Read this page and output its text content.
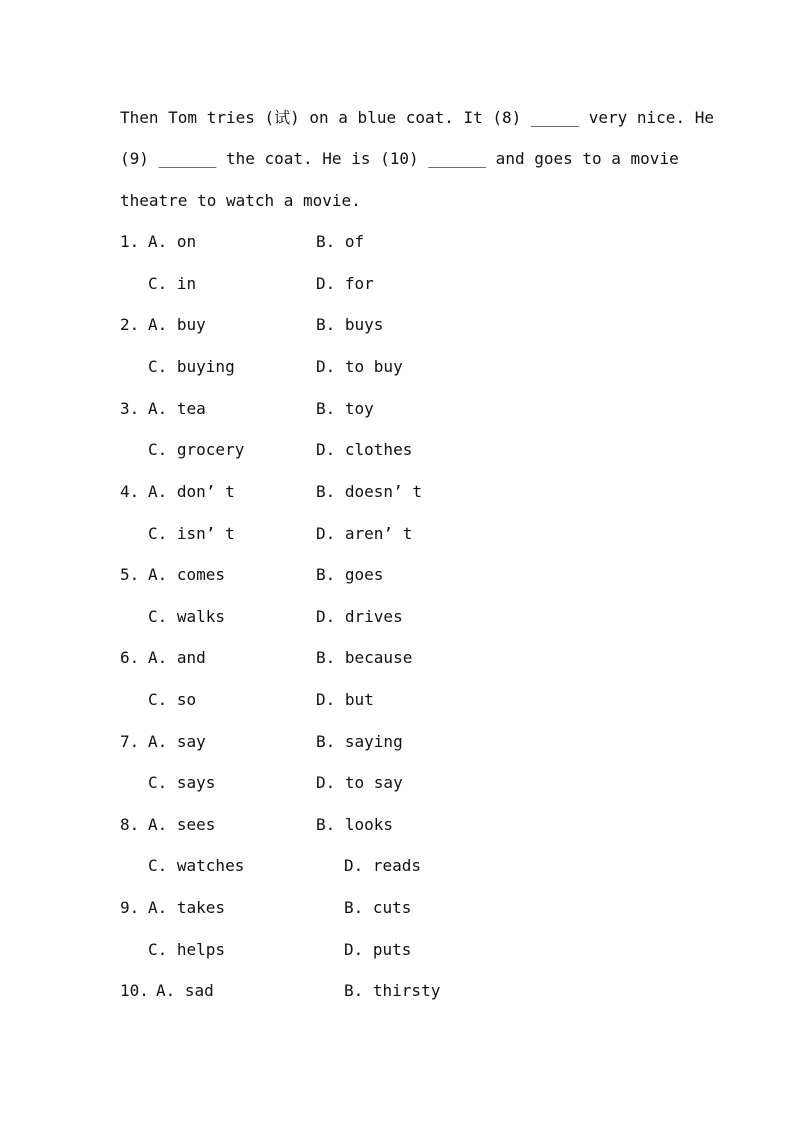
Then Tom tries (试) on a blue coat. It (8) _____ very nice. He
(9) ______ the coat. He is (10) ______ and goes to a movie
theatre to watch a movie.

1.

A. on

	B. of

C. in

	D. for

2.

A. buy

	B. buys

C. buying

	D. to buy

3.

A. tea

	B. toy

C. grocery

	D. clothes

4.

A. don’ t

	B. doesn’ t

C. isn’ t

	D. aren’ t

5.

A. comes

	B. goes

C. walks

	D. drives

6.

A. and

	B. because

C. so

	D. but

7.

A. say

	B. saying

C. says

	D. to say

8.

A. sees

	B. looks

C. watches

	D. reads

9.

A. takes

	B. cuts

C. helps

	D. puts

10.

A. sad

	B. thirsty
